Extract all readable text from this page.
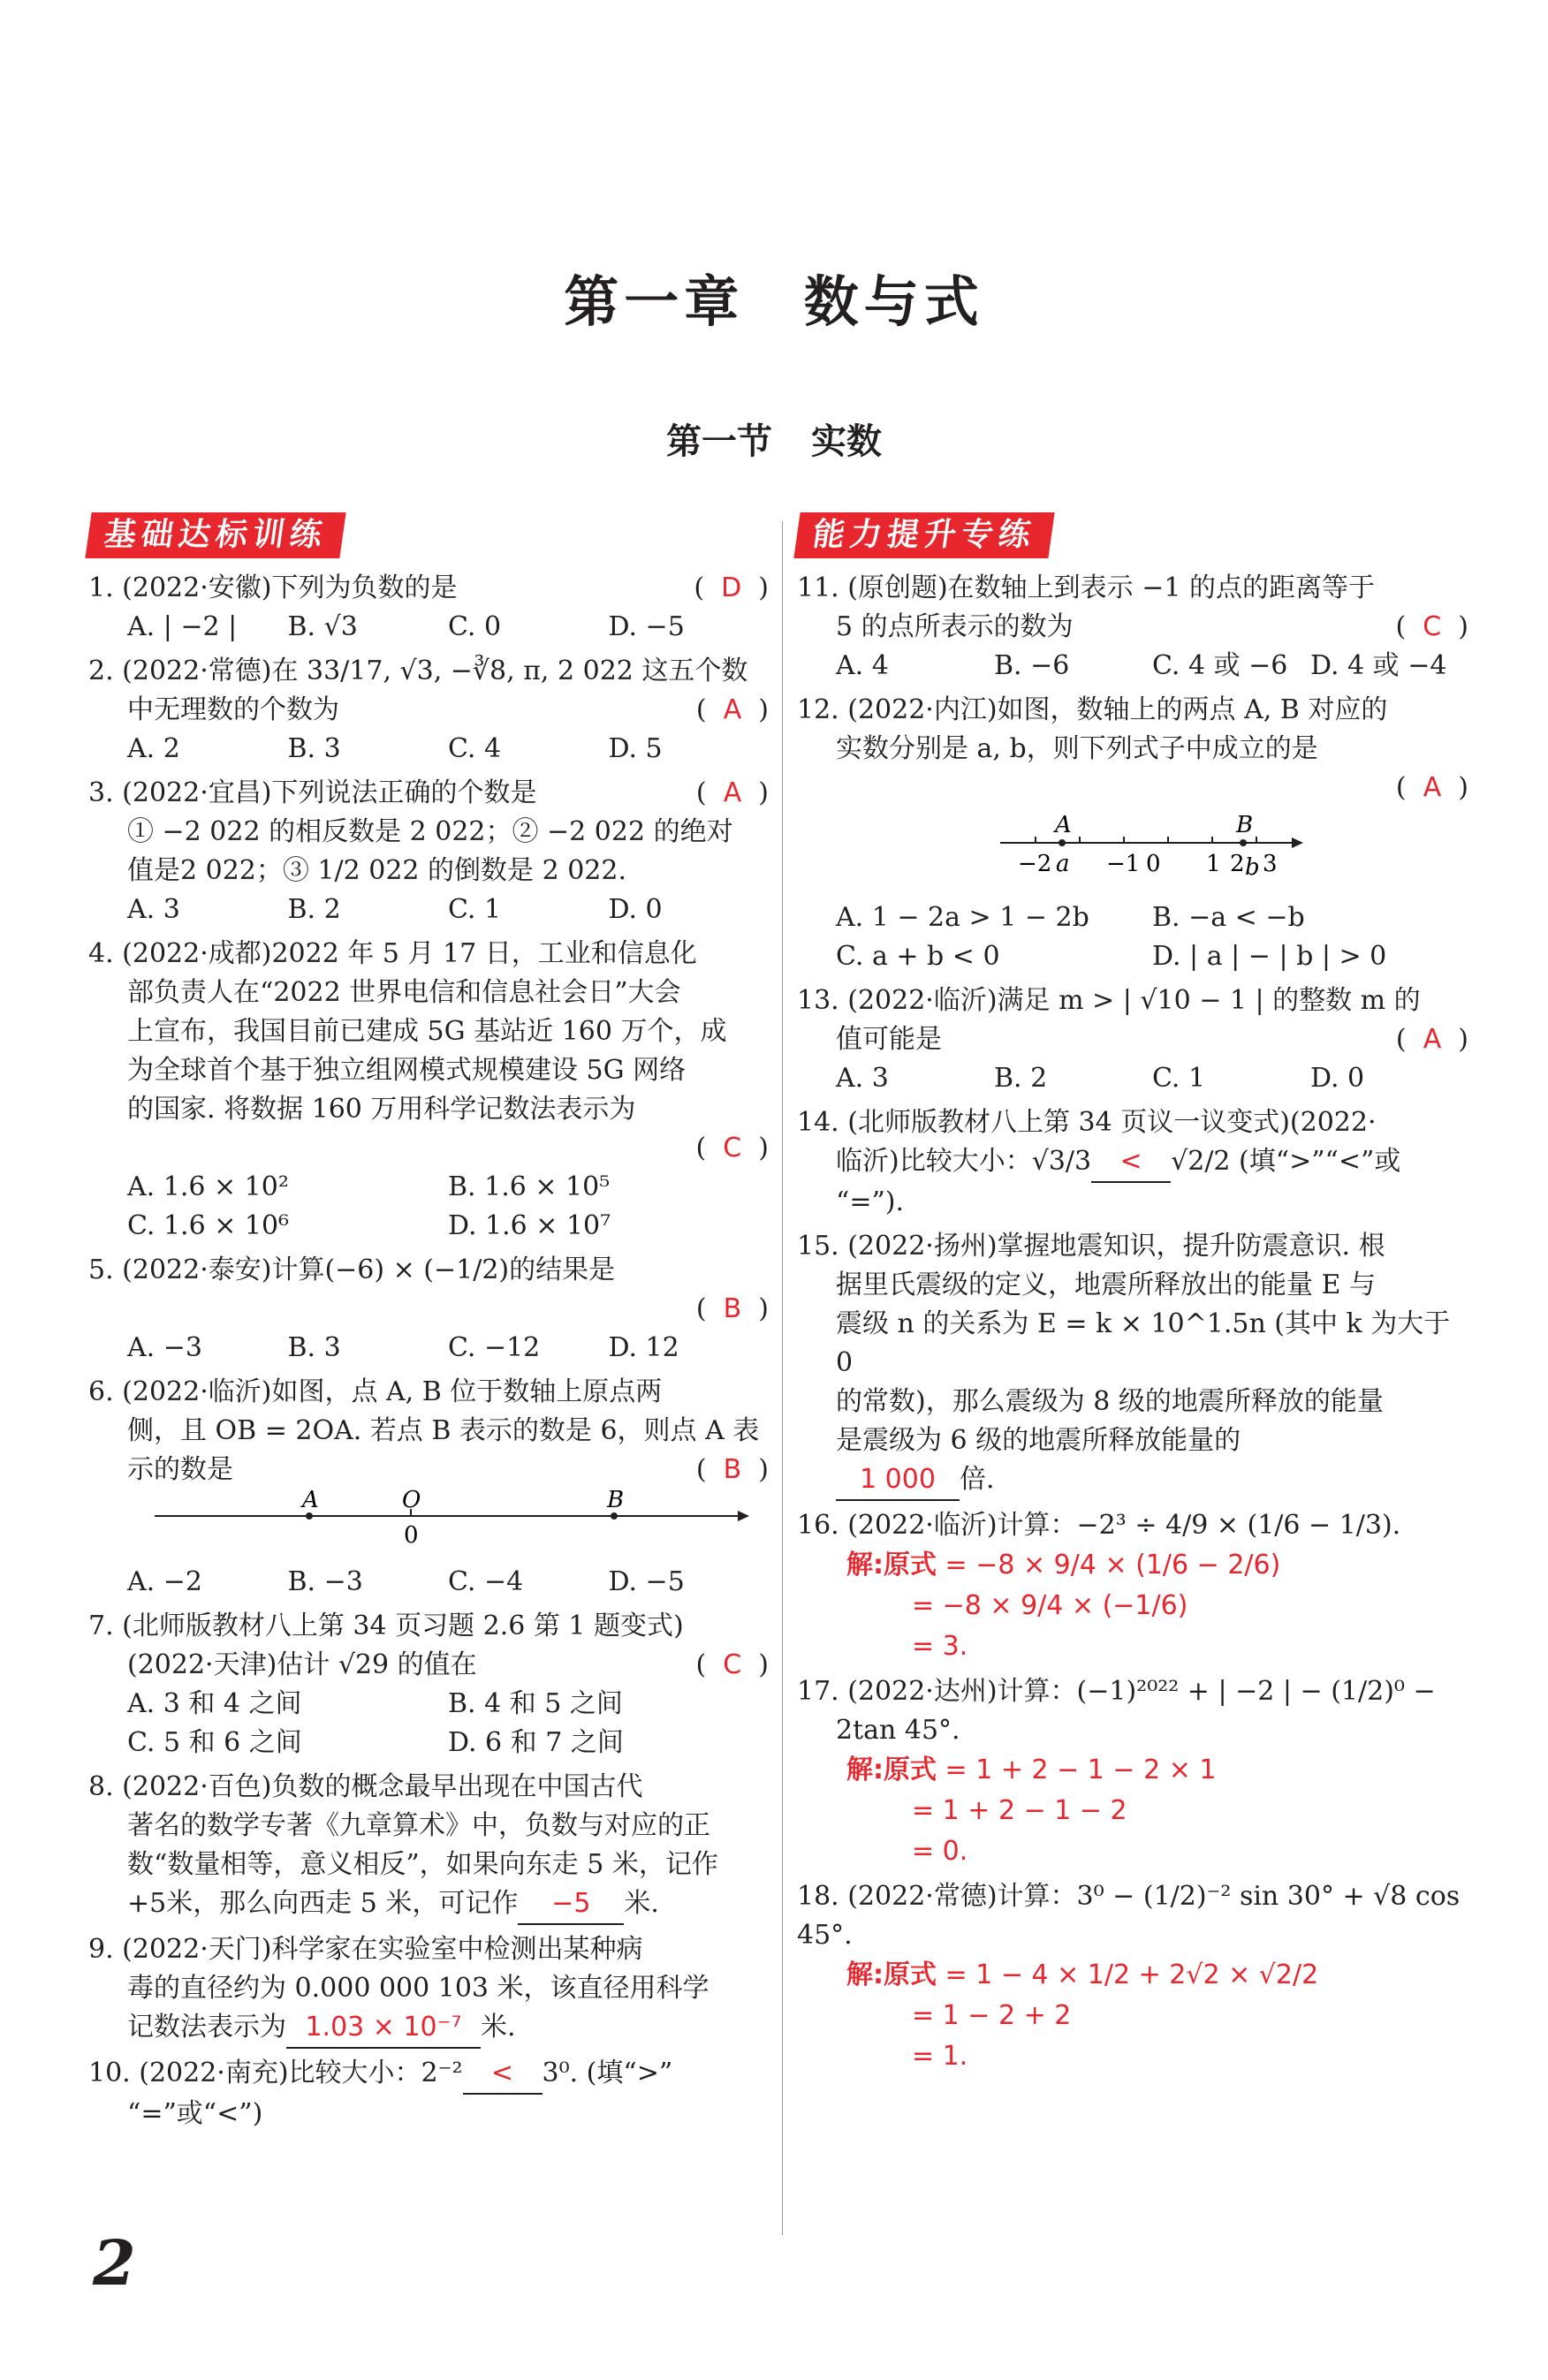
第一章 数与式
第一节 实数
基础达标训练
1. (2022·安徽)下列为负数的是	(  D  )
A. | −2 |	B. √3	C. 0	D. −5
2. (2022·常德)在 33/17, √3, −∛8, π, 2 022 这五个数
中无理数的个数为	(  A  )
A. 2	B. 3	C. 4	D. 5
3. (2022·宜昌)下列说法正确的个数是	(  A  )
① −2 022 的相反数是 2 022；② −2 022 的绝对
值是2 022；③ 1/2 022 的倒数是 2 022.
A. 3	B. 2	C. 1	D. 0
4. (2022·成都)2022 年 5 月 17 日，工业和信息化
部负责人在“2022 世界电信和信息社会日”大会
上宣布，我国目前已建成 5G 基站近 160 万个，成
为全球首个基于独立组网模式规模建设 5G 网络
的国家. 将数据 160 万用科学记数法表示为
(  C  )
A. 1.6 × 10²	B. 1.6 × 10⁵
C. 1.6 × 10⁶	D. 1.6 × 10⁷
5. (2022·泰安)计算(−6) × (−1/2)的结果是
(  B  )
A. −3	B. 3	C. −12	D. 12
6. (2022·临沂)如图，点 A, B 位于数轴上原点两
侧，且 OB = 2OA. 若点 B 表示的数是 6，则点 A 表
示的数是	(  B  )
A	O
0
B
A. −2	B. −3	C. −4	D. −5
7. (北师版教材八上第 34 页习题 2.6 第 1 题变式)
(2022·天津)估计 √29 的值在	(  C  )
A. 3 和 4 之间	B. 4 和 5 之间
C. 5 和 6 之间	D. 6 和 7 之间
8. (2022·百色)负数的概念最早出现在中国古代
著名的数学专著《九章算术》中，负数与对应的正
数“数量相等，意义相反”，如果向东走 5 米，记作
+5米，那么向西走 5 米，可记作 −5 米.
9. (2022·天门)科学家在实验室中检测出某种病
毒的直径约为 0.000 000 103 米，该直径用科学
记数法表示为 1.03 × 10⁻⁷ 米.
10. (2022·南充)比较大小：2⁻² < 3⁰. (填“>”
“=”或“<”)
能力提升专练
11. (原创题)在数轴上到表示 −1 的点的距离等于
5 的点所表示的数为	(  C  )
A. 4	B. −6	C. 4 或 −6 D. 4 或 −4
12. (2022·内江)如图，数轴上的两点 A, B 对应的
实数分别是 a, b，则下列式子中成立的是
(  A  )
A	B
−2 a −1 0 1 2 b 3
A. 1 − 2a > 1 − 2b	B. −a < −b
C. a + b < 0	D. | a | − | b | > 0
13. (2022·临沂)满足 m > | √10 − 1 | 的整数 m 的
值可能是	(  A  )
A. 3	B. 2	C. 1	D. 0
14. (北师版教材八上第 34 页议一议变式)(2022·
临沂)比较大小：√3/3 < √2/2 (填“>”“<”或
“=”).
15. (2022·扬州)掌握地震知识，提升防震意识. 根
据里氏震级的定义，地震所释放出的能量 E 与
震级 n 的关系为 E = k × 10^1.5n (其中 k 为大于 0
的常数)，那么震级为 8 级的地震所释放的能量
是震级为 6 级的地震所释放能量的
1 000 倍.
16. (2022·临沂)计算：−2³ ÷ 4/9 × (1/6 − 1/3).
解:原式 = −8 × 9/4 × (1/6 − 2/6)
= −8 × 9/4 × (−1/6)
= 3.
17. (2022·达州)计算：(−1)²⁰²² + | −2 | − (1/2)⁰ −
2tan 45°.
解:原式 = 1 + 2 − 1 − 2 × 1
= 1 + 2 − 1 − 2
= 0.
18. (2022·常德)计算：3⁰ − (1/2)⁻² sin 30° + √8 cos 45°.
解:原式 = 1 − 4 × 1/2 + 2√2 × √2/2
= 1 − 2 + 2
= 1.
2
